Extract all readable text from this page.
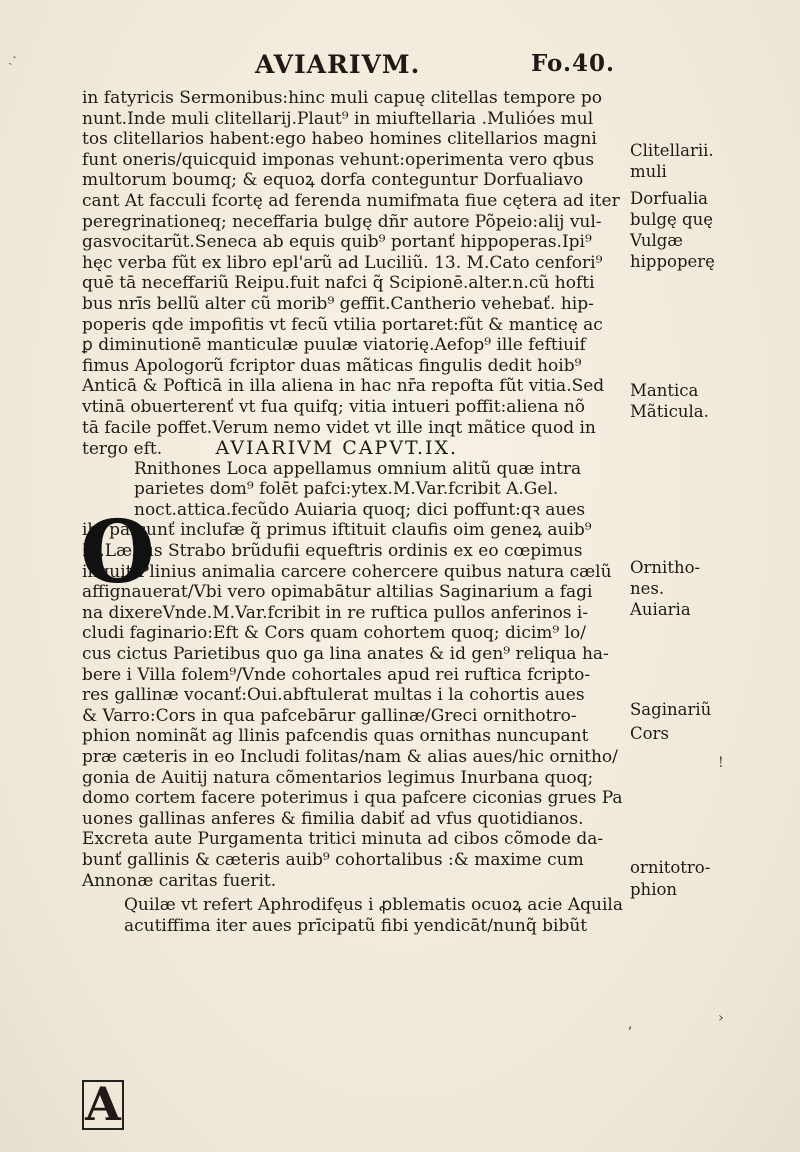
ˎ⸱	AVIARIVM.	Fo.40.
in fatyricis Sermonibus:hinc muli capuę clitellas tempore po
nunt.Inde muli clitellarij.Plaut⁹ in miuftellaria .Mulióes mul
tos clitellarios habent:ego habeo homines clitellarios magni
funt oneris/quicquid imponas vehunt:operimenta vero qbus
multorum boumq; & equoꝝ dorfa conteguntur Dorfualiavo
cant At facculi fcortę ad ferenda numifmata fiue cętera ad iter
peregrinationeq; neceffaria bulgę dñr autore Põpeio:alij vul-
gasvocitarũt.Seneca ab equis quib⁹ portanť hippoperas.Ipi⁹
hęc verba fũt ex libro epl'arũ ad Luciliũ. 13. M.Cato cenfori⁹
quē tā neceffariũ Reipu.fuit nafci q̃ Scipionē.alter.n.cũ hofti
bus nrīs bellũ alter cũ morib⁹ geffit.Cantherio vehebať. hip-
poperis qde impofitis vt fecũ vtilia portaret:fũt & manticę ac
ꝑ diminutionē manticulæ puulæ viatorię.Aefop⁹ ille feftiuif
fimus Apologorũ fcriptor duas mãticas fingulis dedit hoib⁹
Anticā & Pofticā in illa aliena in hac nr̄a repofta fũt vitia.Sed
vtinā obuerterenť vt fua quifq; vitia intueri poffit:aliena nõ
tā facile poffet.Verum nemo videt vt ille inqt mãtice quod in
tergo eft.	AVIARIVM CAPVT.IX.
Rnithones Loca appellamus omnium alitũ quæ intra
parietes dom⁹ folēt pafci:ytex.M.Var.fcribit A.Gel.
noct.attica.fecũdo Auiaria quoq; dici poffunt:qꝛ aues
ibi pafcunť inclufæ q̃ primus iftituit claufis oim geneꝝ auib⁹
M.Lælius Strabo brũdufii equeftris ordinis ex eo cœpimus
inquit Plinius animalia carcere cohercere quibus natura cælũ
affignauerat/Vbi vero opimabātur altilias Saginarium a fagi
na dixereVnde.M.Var.fcribit in re ruftica pullos anferinos i-
cludi faginario:Eft & Cors quam cohortem quoq; dicim⁹ lo/
cus cictus Parietibus quo ga lina anates & id gen⁹ reliqua ha-
bere i Villa folem⁹/Vnde cohortales apud rei ruftica fcripto-
res gallinæ vocanť:Oui.abftulerat multas i la cohortis aues
& Varro:Cors in qua pafcebārur gallinæ/Greci ornithotro-
phion nominãt ag llinis pafcendis quas ornithas nuncupant
præ cæteris in eo Includi folitas/nam & alias aues/hic ornitho/
gonia de Auitij natura cõmentarios legimus Inurbana quoq;
domo cortem facere poterimus i qua pafcere ciconias grues Pa
uones gallinas anferes & fimilia dabiť ad vfus quotidianos.
Excreta aute Purgamenta tritici minuta ad cibos cõmode da-
bunť gallinis & cæteris auib⁹ cohortalibus :& maxime cum
Annonæ caritas fuerit.
Quilæ vt refert Aphrodifęus i ꝓblematis ocuoꝝ acie Aquila
acutiffima iter aues prīcipatũ fibi yendicāt/nunq̃ bibũt
O
A
Clitellarii.
muli
Dorfualia
bulgę quę
Vulgæ
hippoperę
Mantica
Mãticula.
Ornitho-
nes.
Auiaria
Saginariũ
Cors
ornitotro-
phion
!
›
,
